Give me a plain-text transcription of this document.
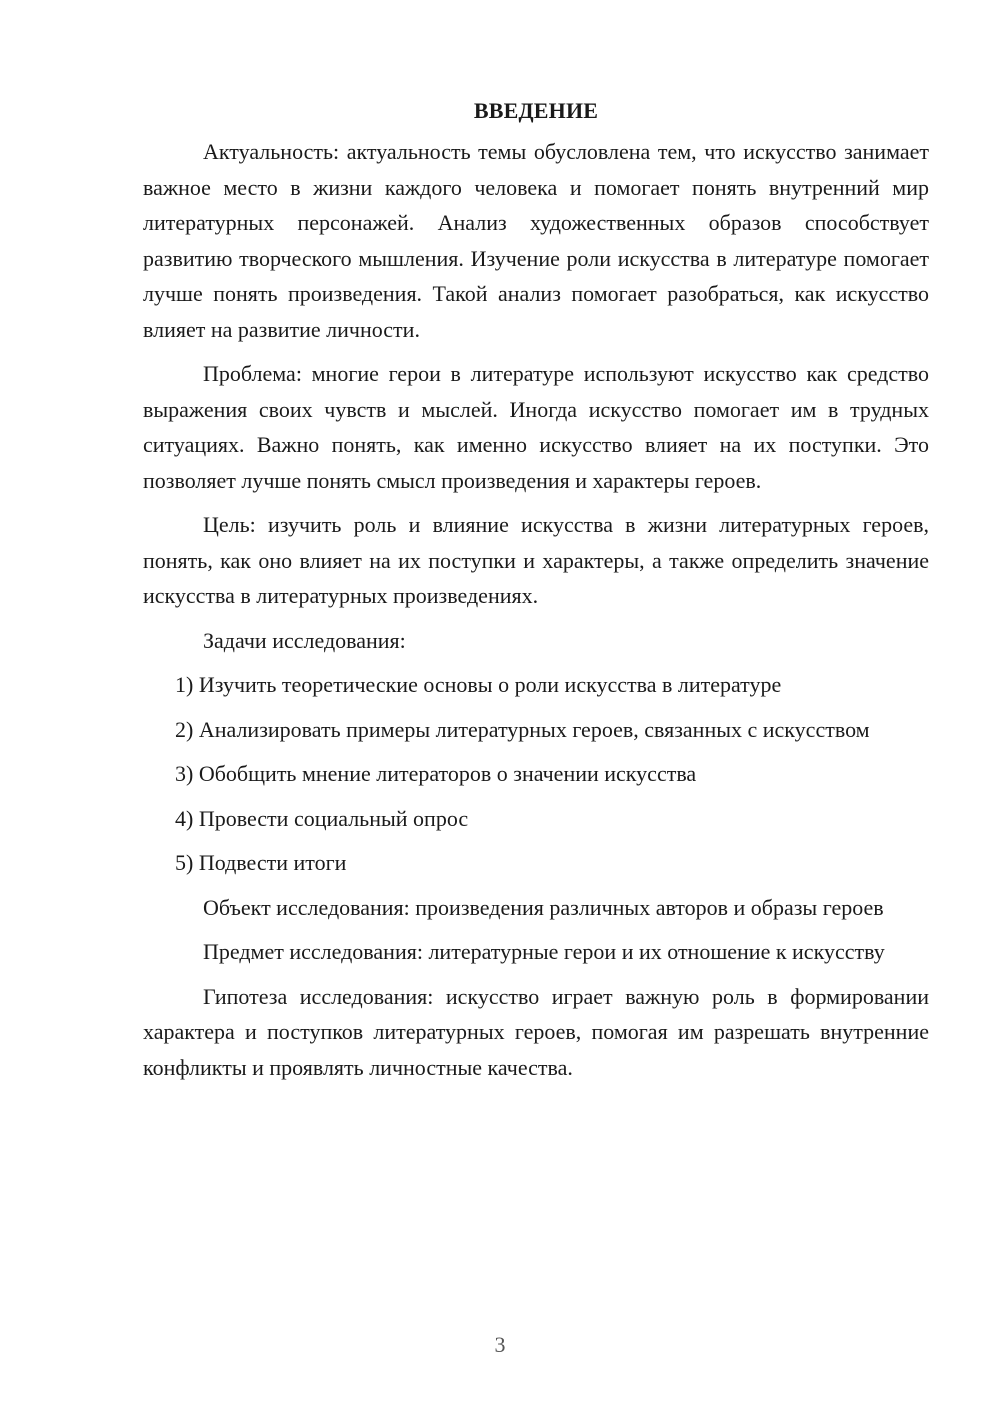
ВВЕДЕНИЕ

Актуальность: актуальность темы обусловлена тем, что искусство занимает важное место в жизни каждого человека и помогает понять внутренний мир литературных персонажей. Анализ художественных образов способствует развитию творческого мышления. Изучение роли искусства в литературе помогает лучше понять произведения. Такой анализ помогает разобраться, как искусство влияет на развитие личности.

Проблема: многие герои в литературе используют искусство как средство выражения своих чувств и мыслей. Иногда искусство помогает им в трудных ситуациях. Важно понять, как именно искусство влияет на их поступки. Это позволяет лучше понять смысл произведения и характеры героев.

Цель: изучить роль и влияние искусства в жизни литературных героев, понять, как оно влияет на их поступки и характеры, а также определить значение искусства в литературных произведениях.

Задачи исследования:

1) Изучить теоретические основы о роли искусства в литературе

2) Анализировать примеры литературных героев, связанных с искусством

3) Обобщить мнение литераторов о значении искусства

4) Провести социальный опрос

5) Подвести итоги

Объект исследования: произведения различных авторов и образы героев

Предмет исследования: литературные герои и их отношение к искусству

Гипотеза исследования: искусство играет важную роль в формировании характера и поступков литературных героев, помогая им разрешать внутренние конфликты и проявлять личностные качества.

3
